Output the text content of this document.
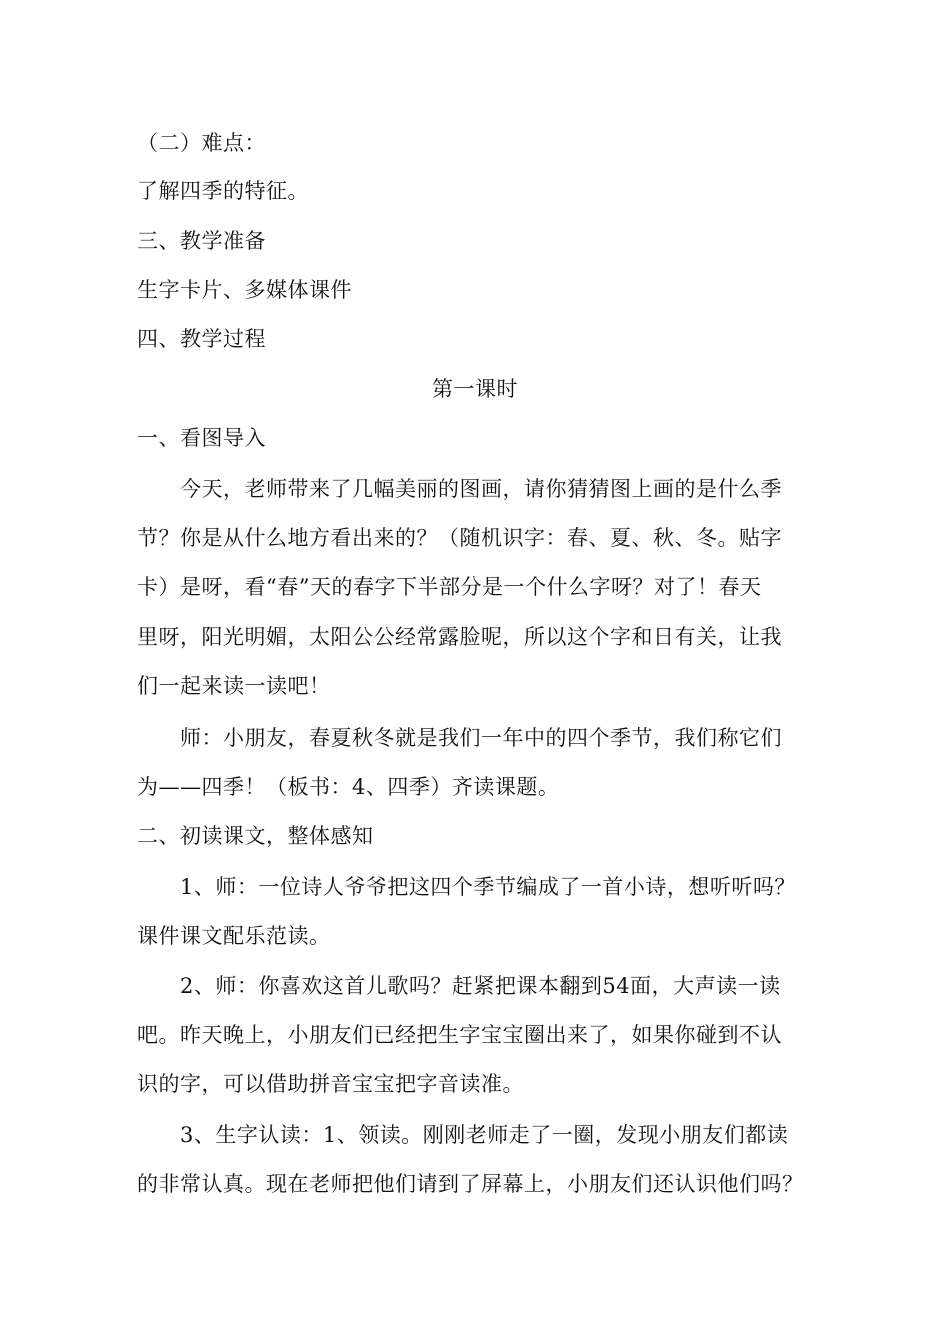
（二）难点：
了解四季的特征。
三、教学准备
生字卡片、多媒体课件
四、教学过程
第一课时
一、看图导入
今天，老师带来了几幅美丽的图画，请你猜猜图上画的是什么季
节？你是从什么地方看出来的？（随机识字：春、夏、秋、冬。贴字
卡）是呀，看“春”天的春字下半部分是一个什么字呀？对了！春天
里呀，阳光明媚，太阳公公经常露脸呢，所以这个字和日有关，让我
们一起来读一读吧！
师：小朋友，春夏秋冬就是我们一年中的四个季节，我们称它们
为——四季！（板书：4、四季）齐读课题。
二、初读课文，整体感知
1、师：一位诗人爷爷把这四个季节编成了一首小诗，想听听吗？
课件课文配乐范读。
2、师：你喜欢这首儿歌吗？赶紧把课本翻到54面，大声读一读
吧。昨天晚上，小朋友们已经把生字宝宝圈出来了，如果你碰到不认
识的字，可以借助拼音宝宝把字音读准。
3、生字认读：1、领读。刚刚老师走了一圈，发现小朋友们都读
的非常认真。现在老师把他们请到了屏幕上，小朋友们还认识他们吗？
